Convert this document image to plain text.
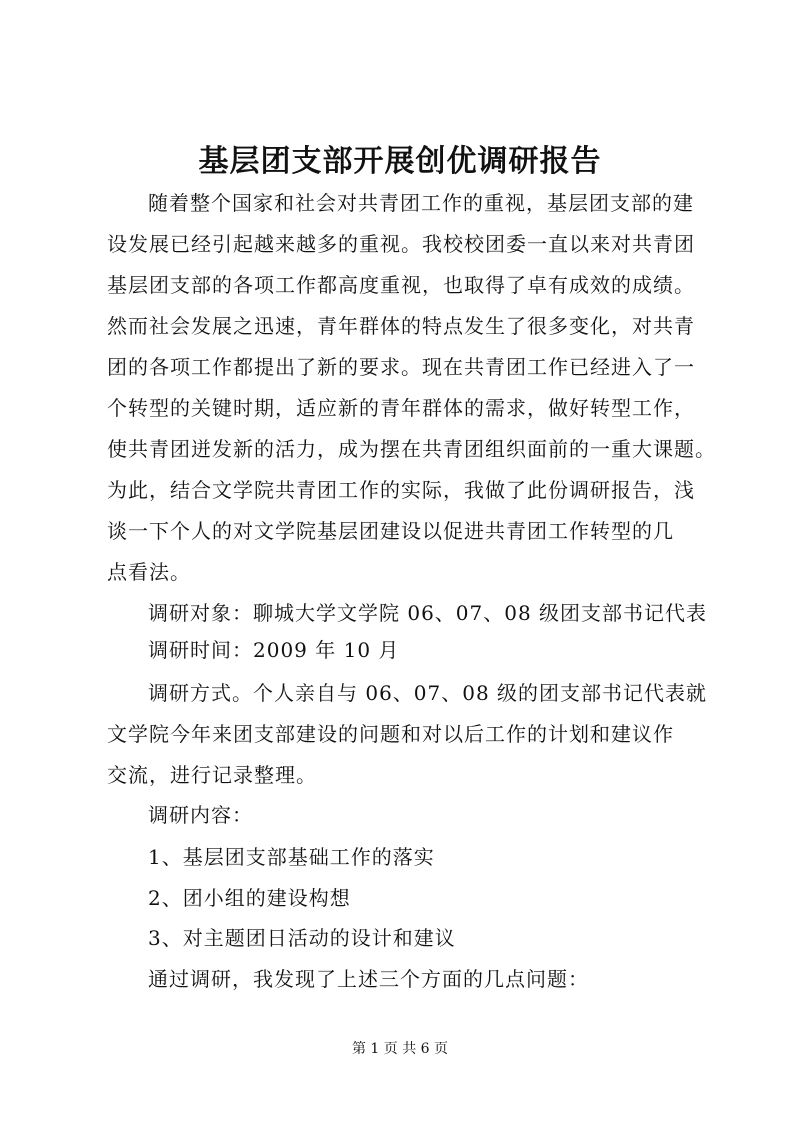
基层团支部开展创优调研报告
随着整个国家和社会对共青团工作的重视，基层团支部的建
设发展已经引起越来越多的重视。我校校团委一直以来对共青团
基层团支部的各项工作都高度重视，也取得了卓有成效的成绩。
然而社会发展之迅速，青年群体的特点发生了很多变化，对共青
团的各项工作都提出了新的要求。现在共青团工作已经进入了一
个转型的关键时期，适应新的青年群体的需求，做好转型工作，
使共青团迸发新的活力，成为摆在共青团组织面前的一重大课题。
为此，结合文学院共青团工作的实际，我做了此份调研报告，浅
谈一下个人的对文学院基层团建设以促进共青团工作转型的几
点看法。
调研对象：聊城大学文学院 06、07、08 级团支部书记代表
调研时间：2009 年 10 月
调研方式。个人亲自与 06、07、08 级的团支部书记代表就
文学院今年来团支部建设的问题和对以后工作的计划和建议作
交流，进行记录整理。
调研内容：
1、基层团支部基础工作的落实
2、团小组的建设构想
3、对主题团日活动的设计和建议
通过调研，我发现了上述三个方面的几点问题：
第 1 页 共 6 页
